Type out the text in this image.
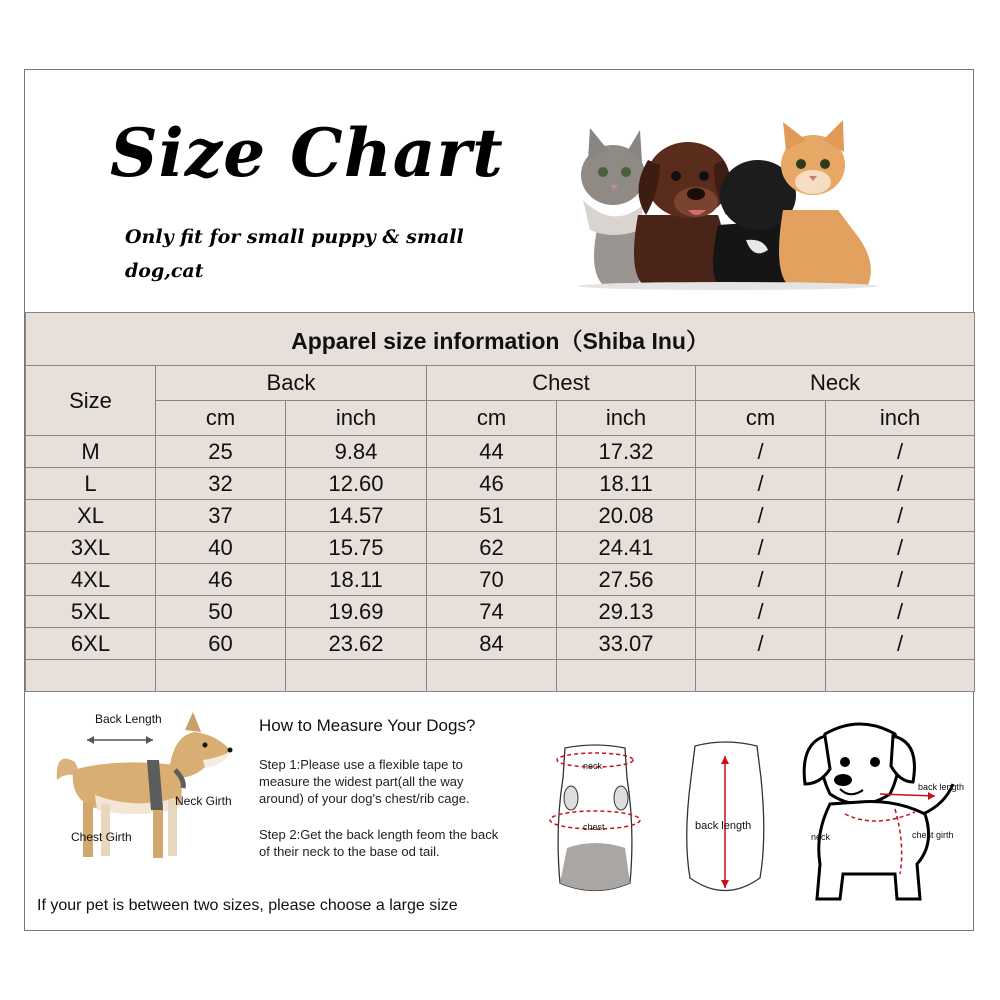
Size Chart
Only fit for small puppy & small dog,cat
Apparel size information（Shiba Inu）						
Size	Back		Chest		Neck	
	cm	inch	cm	inch	cm	inch
M	25	9.84	44	17.32	/	/
L	32	12.60	46	18.11	/	/
XL	37	14.57	51	20.08	/	/
3XL	40	15.75	62	24.41	/	/
4XL	46	18.11	70	27.56	/	/
5XL	50	19.69	74	29.13	/	/
6XL	60	23.62	84	33.07	/	/

Back Length
Neck Girth
Chest Girth
How to Measure Your Dogs?
Step 1:Please use a flexible tape to measure the widest part(all the way around) of your dog's chest/rib cage.
Step 2:Get the back length feom the back of their neck to the base od tail.
neck
chest	back length
back length
neck	chest girth
If your pet is between two sizes, please choose a large size
